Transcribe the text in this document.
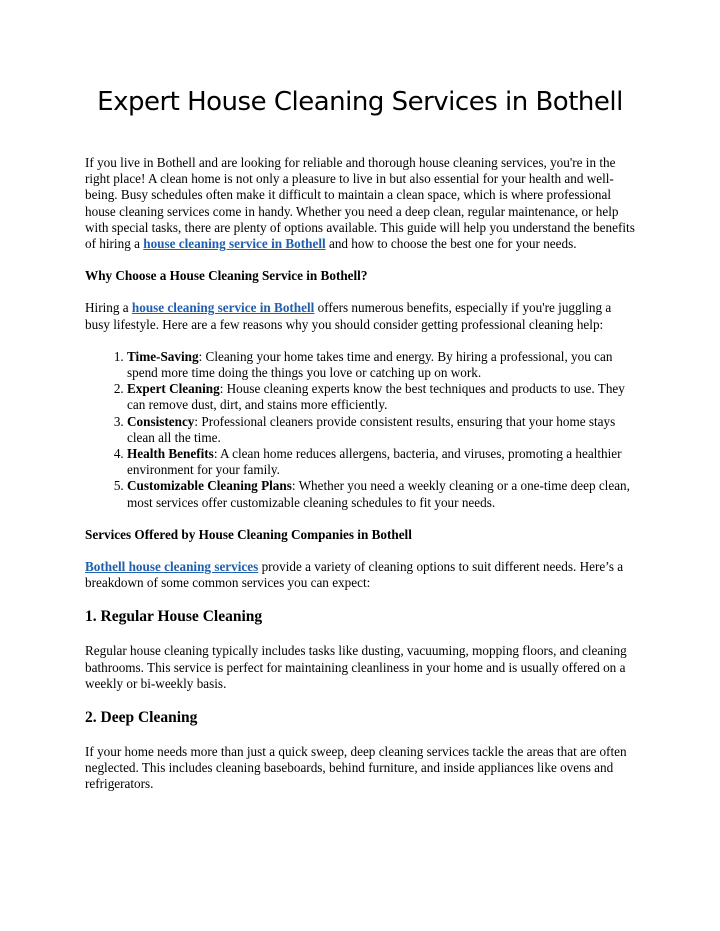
Expert House Cleaning Services in Bothell

If you live in Bothell and are looking for reliable and thorough house cleaning services, you're in the right place! A clean home is not only a pleasure to live in but also essential for your health and well-being. Busy schedules often make it difficult to maintain a clean space, which is where professional house cleaning services come in handy. Whether you need a deep clean, regular maintenance, or help with special tasks, there are plenty of options available. This guide will help you understand the benefits of hiring a house cleaning service in Bothell and how to choose the best one for your needs.

Why Choose a House Cleaning Service in Bothell?

Hiring a house cleaning service in Bothell offers numerous benefits, especially if you're juggling a busy lifestyle. Here are a few reasons why you should consider getting professional cleaning help:

1. Time-Saving: Cleaning your home takes time and energy. By hiring a professional, you can spend more time doing the things you love or catching up on work.
2. Expert Cleaning: House cleaning experts know the best techniques and products to use. They can remove dust, dirt, and stains more efficiently.
3. Consistency: Professional cleaners provide consistent results, ensuring that your home stays clean all the time.
4. Health Benefits: A clean home reduces allergens, bacteria, and viruses, promoting a healthier environment for your family.
5. Customizable Cleaning Plans: Whether you need a weekly cleaning or a one-time deep clean, most services offer customizable cleaning schedules to fit your needs.

Services Offered by House Cleaning Companies in Bothell

Bothell house cleaning services provide a variety of cleaning options to suit different needs. Here’s a breakdown of some common services you can expect:

1. Regular House Cleaning

Regular house cleaning typically includes tasks like dusting, vacuuming, mopping floors, and cleaning bathrooms. This service is perfect for maintaining cleanliness in your home and is usually offered on a weekly or bi-weekly basis.

2. Deep Cleaning

If your home needs more than just a quick sweep, deep cleaning services tackle the areas that are often neglected. This includes cleaning baseboards, behind furniture, and inside appliances like ovens and refrigerators.
